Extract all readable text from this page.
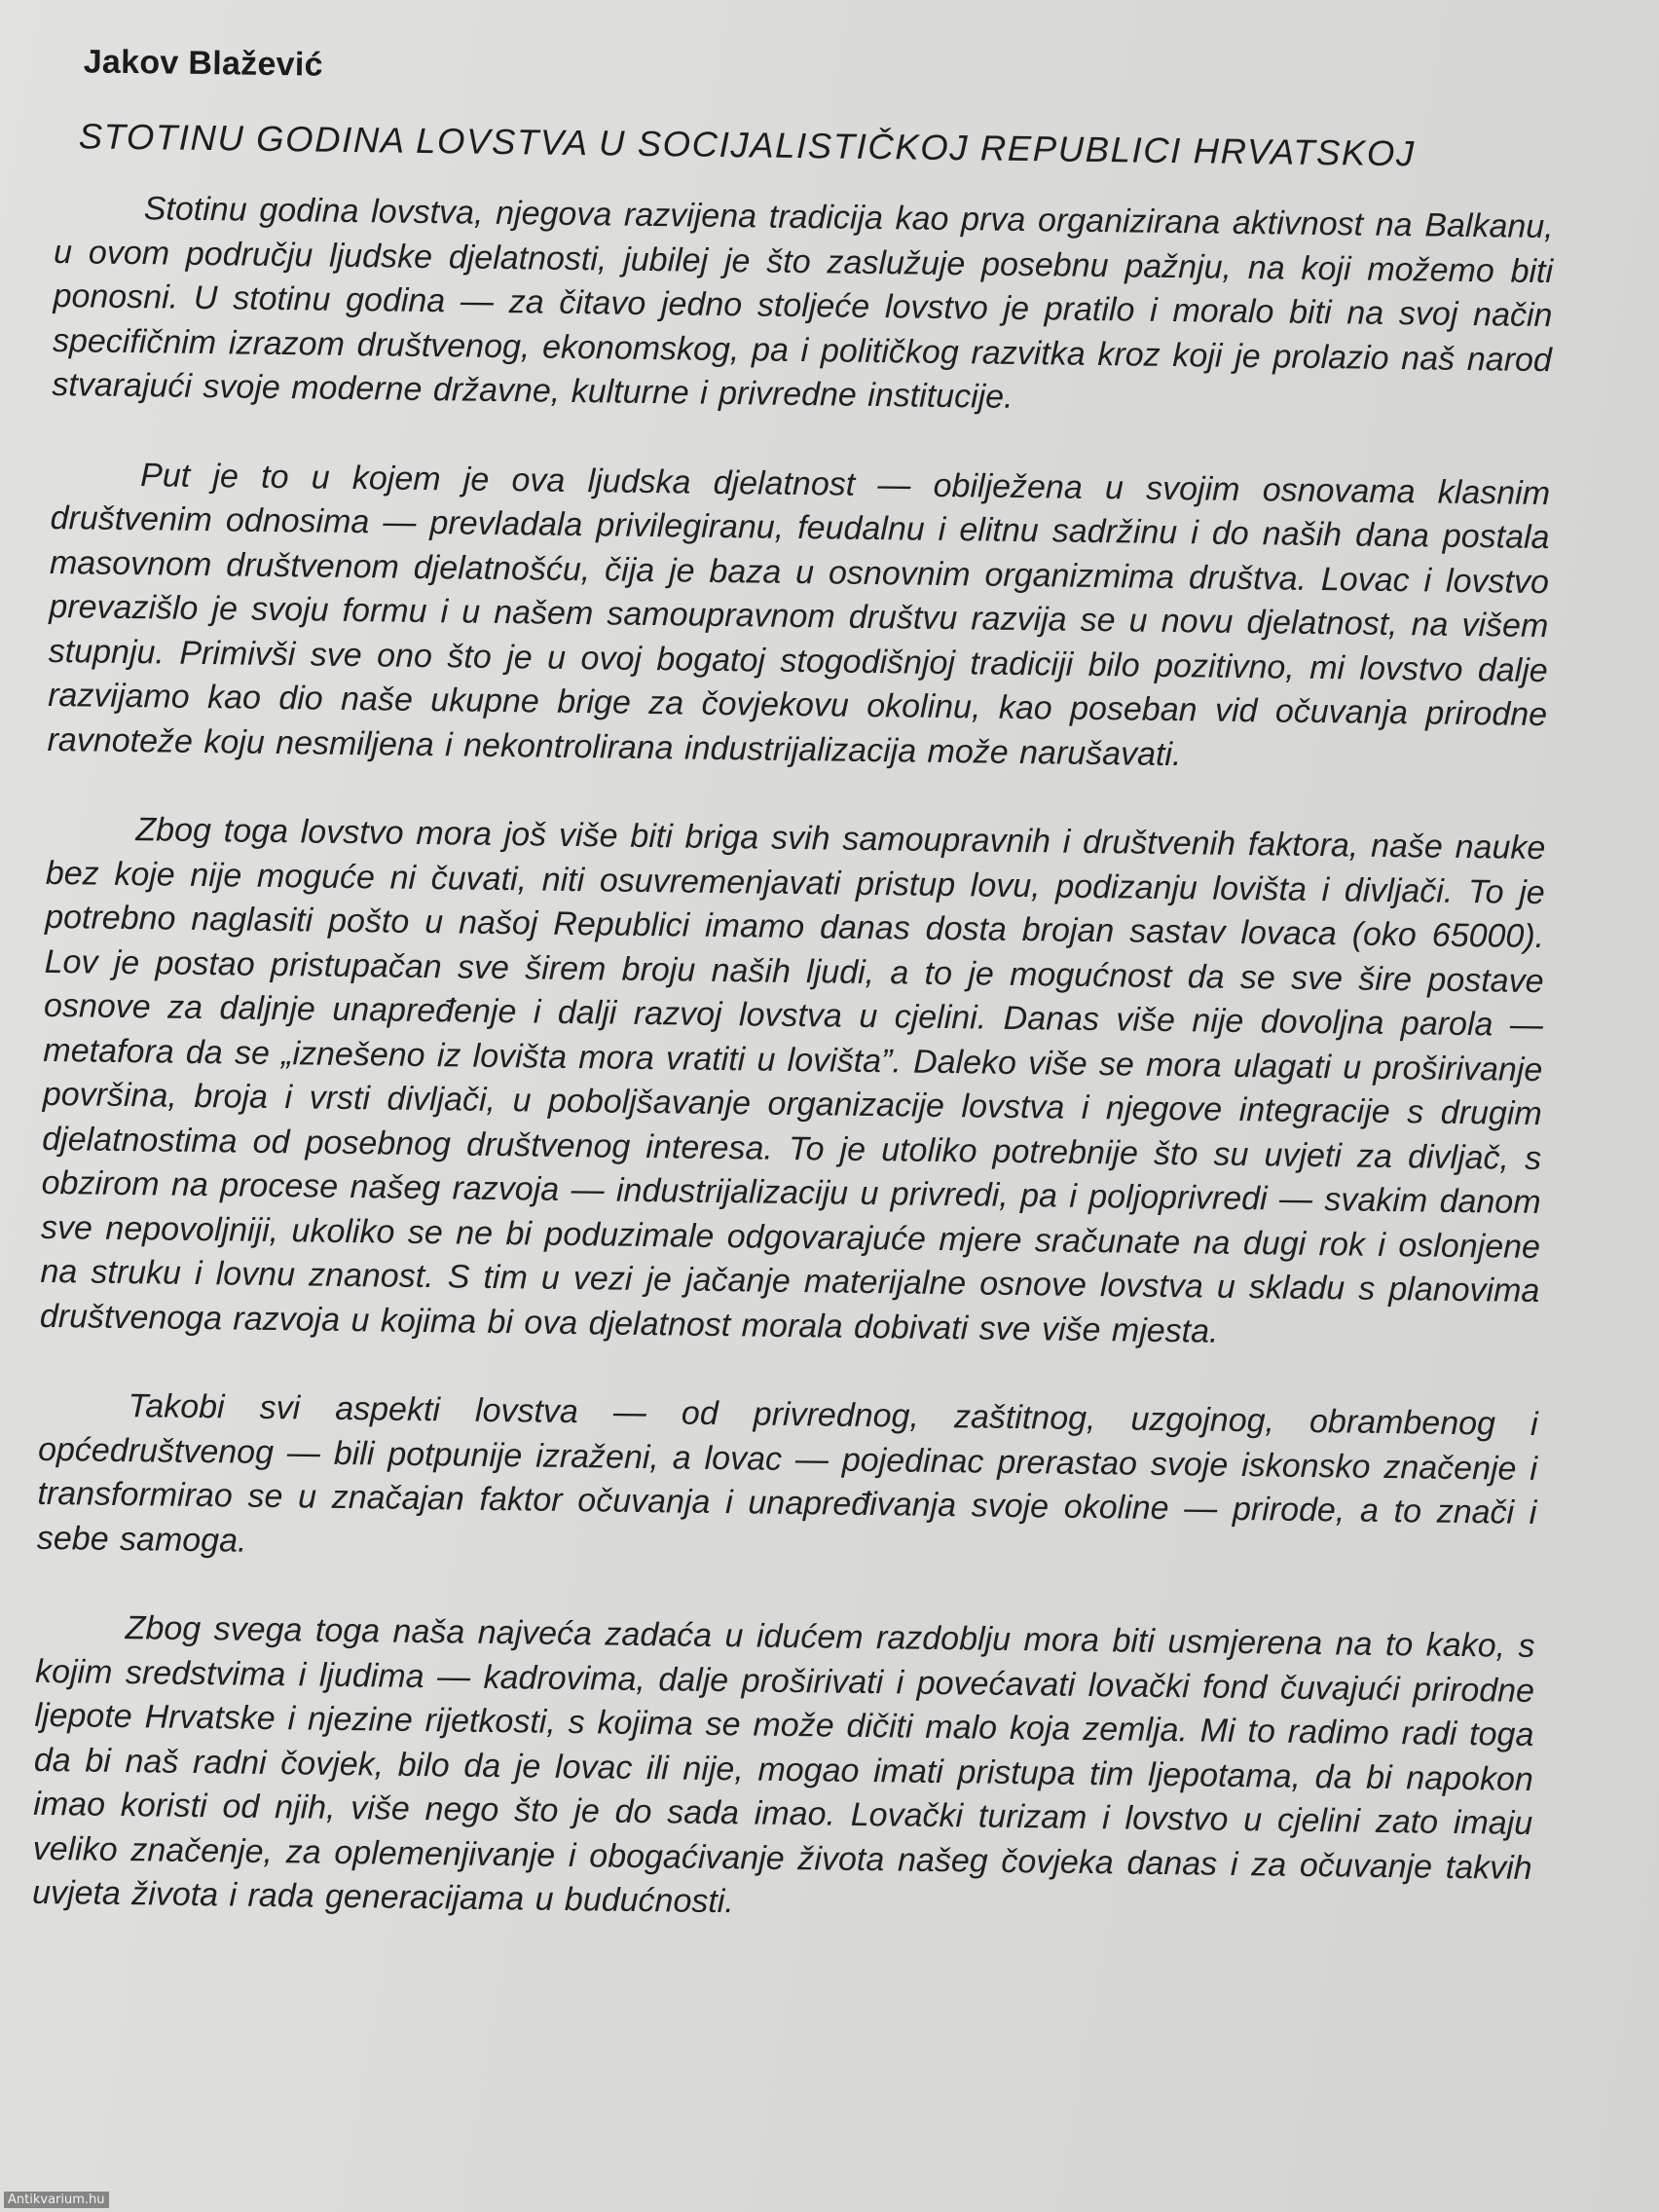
Jakov Blažević
STOTINU GODINA LOVSTVA U SOCIJALISTIČKOJ REPUBLICI HRVATSKOJ

Stotinu godina lovstva, njegova razvijena tradicija kao prva organizirana aktivnost na Balkanu, u ovom području ljudske djelatnosti, jubilej je što zaslužuje posebnu pažnju, na koji možemo biti ponosni. U stotinu godina — za čitavo jedno stoljeće lovstvo je pratilo i moralo biti na svoj način specifičnim izrazom društvenog, ekonomskog, pa i političkog razvitka kroz koji je prolazio naš narod stvarajući svoje moderne državne, kulturne i privredne institucije.

Put je to u kojem je ova ljudska djelatnost — obilježena u svojim osnovama klasnim društvenim odnosima — prevladala privilegiranu, feudalnu i elitnu sadržinu i do naših dana postala masovnom društvenom djelatnošću, čija je baza u osnovnim organizmima društva. Lovac i lovstvo prevazišlo je svoju formu i u našem samoupravnom društvu razvija se u novu djelatnost, na višem stupnju. Primivši sve ono što je u ovoj bogatoj stogodišnjoj tradiciji bilo pozitivno, mi lovstvo dalje razvijamo kao dio naše ukupne brige za čovjekovu okolinu, kao poseban vid očuvanja prirodne ravnoteže koju nesmiljena i nekontrolirana industrijalizacija može narušavati.

Zbog toga lovstvo mora još više biti briga svih samoupravnih i društvenih faktora, naše nauke bez koje nije moguće ni čuvati, niti osuvremenjavati pristup lovu, podizanju lovišta i divljači. To je potrebno naglasiti pošto u našoj Republici imamo danas dosta brojan sastav lovaca (oko 65000). Lov je postao pristupačan sve širem broju naših ljudi, a to je mogućnost da se sve šire postave osnove za daljnje unapređenje i dalji razvoj lovstva u cjelini. Danas više nije dovoljna parola — metafora da se „iznešeno iz lovišta mora vratiti u lovišta”. Daleko više se mora ulagati u proširivanje površina, broja i vrsti divljači, u poboljšavanje organizacije lovstva i njegove integracije s drugim djelatnostima od posebnog društvenog interesa. To je utoliko potrebnije što su uvjeti za divljač, s obzirom na procese našeg razvoja — industrijalizaciju u privredi, pa i poljoprivredi — svakim danom sve nepovoljniji, ukoliko se ne bi poduzimale odgovarajuće mjere sračunate na dugi rok i oslonjene na struku i lovnu znanost. S tim u vezi je jačanje materijalne osnove lovstva u skladu s planovima društvenoga razvoja u kojima bi ova djelatnost morala dobivati sve više mjesta.

Takobi svi aspekti lovstva — od privrednog, zaštitnog, uzgojnog, obrambenog i općedruštvenog — bili potpunije izraženi, a lovac — pojedinac prerastao svoje iskonsko značenje i transformirao se u značajan faktor očuvanja i unapređivanja svoje okoline — prirode, a to znači i sebe samoga.

Zbog svega toga naša najveća zadaća u idućem razdoblju mora biti usmjerena na to kako, s kojim sredstvima i ljudima — kadrovima, dalje proširivati i povećavati lovački fond čuvajući prirodne ljepote Hrvatske i njezine rijetkosti, s kojima se može dičiti malo koja zemlja. Mi to radimo radi toga da bi naš radni čovjek, bilo da je lovac ili nije, mogao imati pristupa tim ljepotama, da bi napokon imao koristi od njih, više nego što je do sada imao. Lovački turizam i lovstvo u cjelini zato imaju veliko značenje, za oplemenjivanje i obogaćivanje života našeg čovjeka danas i za očuvanje takvih uvjeta života i rada generacijama u budućnosti.

Antikvarium.hu
